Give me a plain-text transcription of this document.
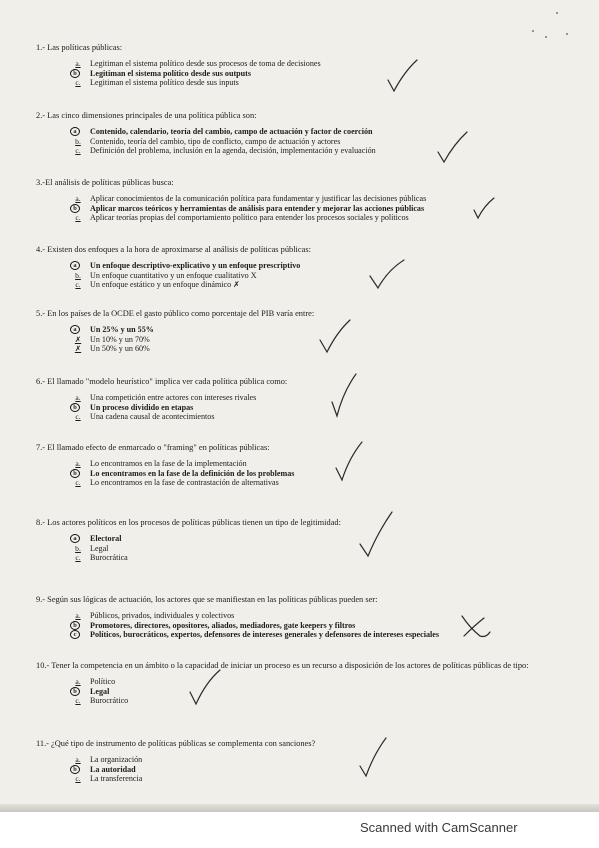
1.- Las políticas públicas:

a.	Legitiman el sistema político desde sus procesos de toma de decisiones
b	Legitiman el sistema político desde sus outputs
c.	Legitiman el sistema político desde sus inputs

2.- Las cinco dimensiones principales de una política pública son:

a	Contenido, calendario, teoría del cambio, campo de actuación y factor de coerción
b.	Contenido, teoría del cambio, tipo de conflicto, campo de actuación y actores
c.	Definición del problema, inclusión en la agenda, decisión, implementación y evaluación

3.-El análisis de políticas públicas busca:

a.	Aplicar conocimientos de la comunicación política para fundamentar y justificar las decisiones públicas
b	Aplicar marcos teóricos y herramientas de análisis para entender y mejorar las acciones públicas
c.	Aplicar teorías propias del comportamiento político para entender los procesos sociales y políticos

4.- Existen dos enfoques a la hora de aproximarse al análisis de políticas públicas:

a	Un enfoque descriptivo-explicativo y un enfoque prescriptivo
b.	Un enfoque cuantitativo y un enfoque cualitativo X
c.	Un enfoque estático y un enfoque dinámico ✗

5.- En los países de la OCDE el gasto público como porcentaje del PIB varía entre:

a	Un 25% y un 55%
✗	Un 10% y un 70%
✗	Un 50% y un 60%

6.- El llamado "modelo heurístico" implica ver cada política pública como:

a.	Una competición entre actores con intereses rivales
b	Un proceso dividido en etapas
c.	Una cadena causal de acontecimientos

7.- El llamado efecto de enmarcado o "framing" en políticas públicas:

a.	Lo encontramos en la fase de la implementación
b	Lo encontramos en la fase de la definición de los problemas
c.	Lo encontramos en la fase de contrastación de alternativas

8.- Los actores políticos en los procesos de políticas públicas tienen un tipo de legitimidad:

a	Electoral
b.	Legal
c.	Burocrática

9.- Según sus lógicas de actuación, los actores que se manifiestan en las políticas públicas pueden ser:

a.	Públicos, privados, individuales y colectivos
b	Promotores, directores, opositores, aliados, mediadores, gate keepers y filtros
c	Políticos, burocráticos, expertos, defensores de intereses generales y defensores de intereses especiales

10.- Tener la competencia en un ámbito o la capacidad de iniciar un proceso es un recurso a disposición de los actores de políticas públicas de tipo:

a.	Político
b	Legal
c.	Burocrático

11.- ¿Qué tipo de instrumento de políticas públicas se complementa con sanciones?

a.	La organización
b	La autoridad
c.	La transferencia
Scanned with CamScanner
